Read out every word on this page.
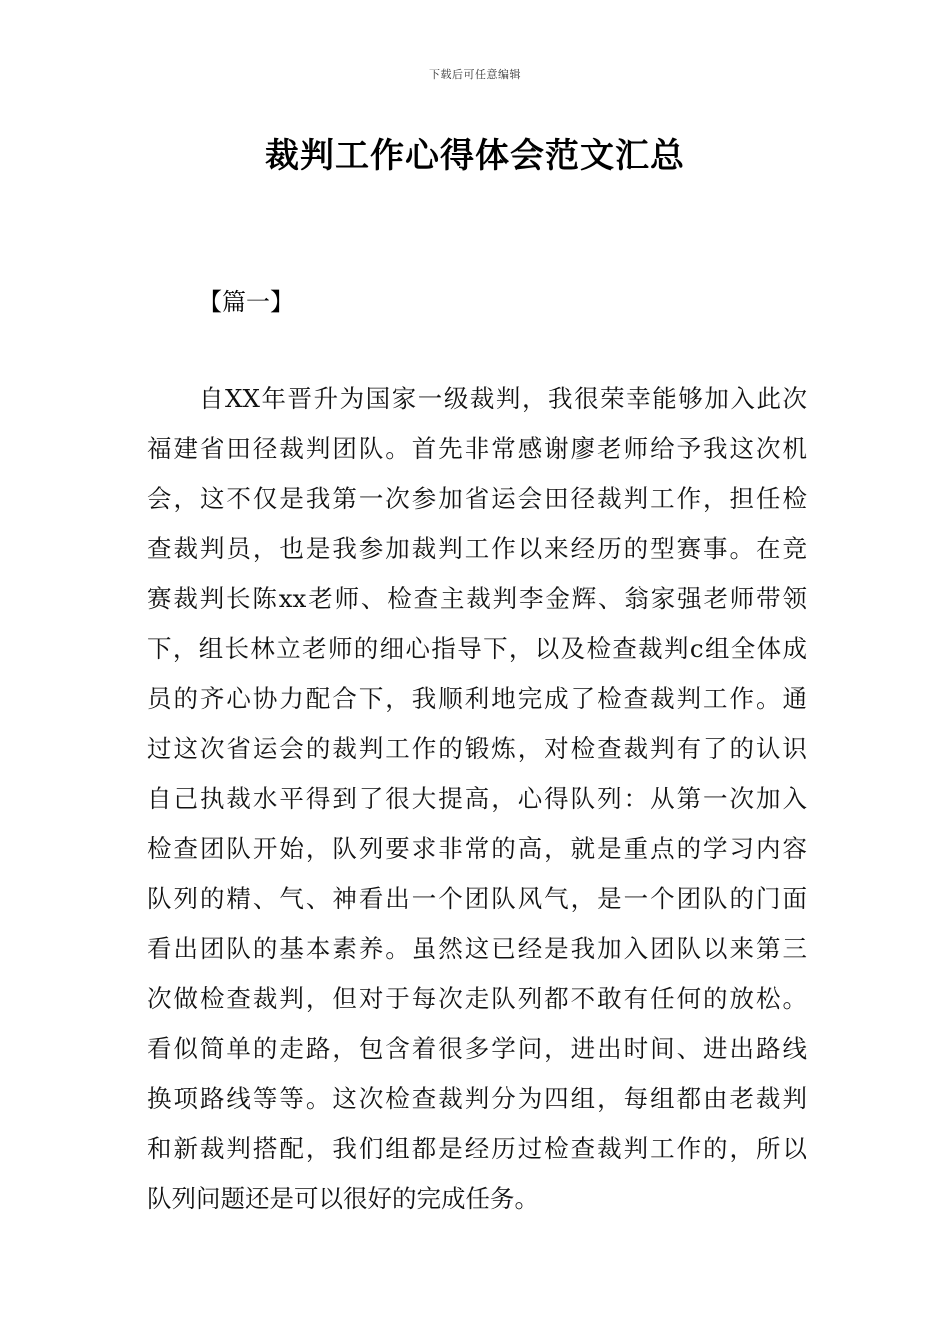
下载后可任意编辑
裁判工作心得体会范文汇总
【篇一】
自XX年晋升为国家一级裁判，我很荣幸能够加入此次
福建省田径裁判团队。首先非常感谢廖老师给予我这次机
会，这不仅是我第一次参加省运会田径裁判工作，担任检
查裁判员，也是我参加裁判工作以来经历的型赛事。在竞
赛裁判长陈xx老师、检查主裁判李金辉、翁家强老师带领
下，组长林立老师的细心指导下，以及检查裁判c组全体成
员的齐心协力配合下，我顺利地完成了检查裁判工作。通
过这次省运会的裁判工作的锻炼，对检查裁判有了的认识
自己执裁水平得到了很大提高，心得队列：从第一次加入
检查团队开始，队列要求非常的高，就是重点的学习内容
队列的精、气、神看出一个团队风气，是一个团队的门面
看出团队的基本素养。虽然这已经是我加入团队以来第三
次做检查裁判，但对于每次走队列都不敢有任何的放松。
看似简单的走路，包含着很多学问，进出时间、进出路线
换项路线等等。这次检查裁判分为四组，每组都由老裁判
和新裁判搭配，我们组都是经历过检查裁判工作的，所以
队列问题还是可以很好的完成任务。
